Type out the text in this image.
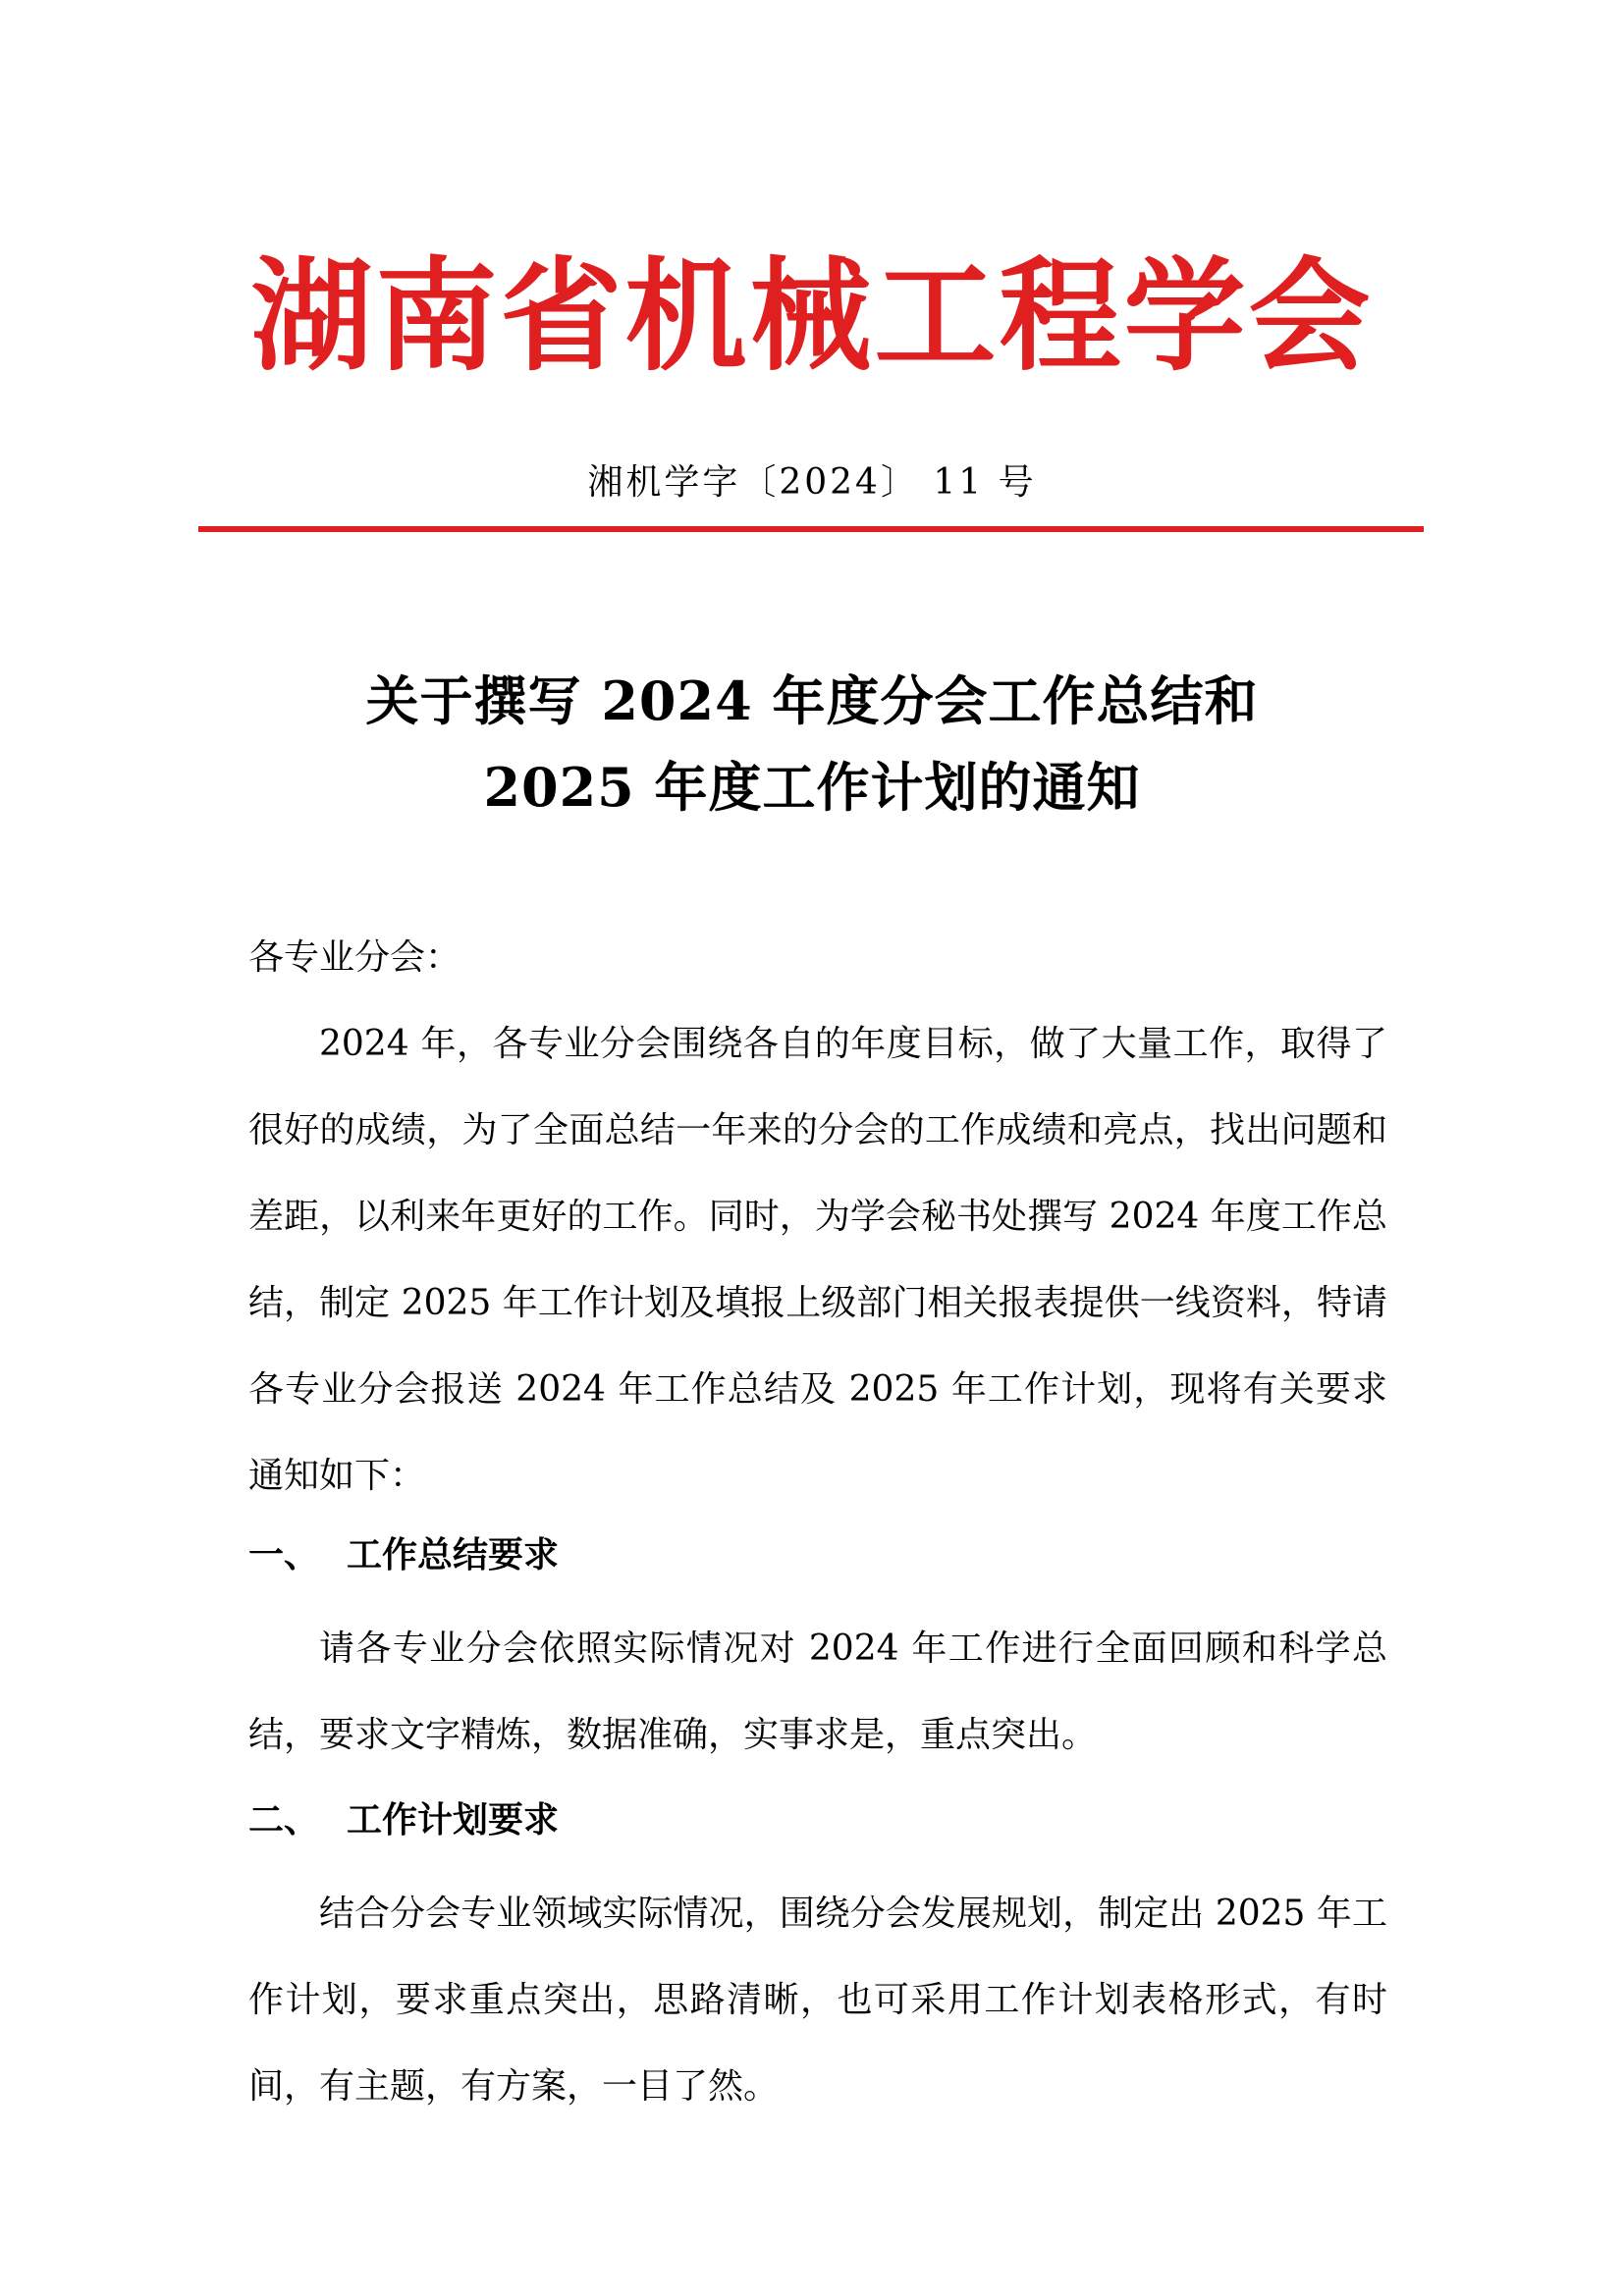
湖南省机械工程学会
湘机学字〔2024〕 11 号
关于撰写 2024 年度分会工作总结和
2025 年度工作计划的通知
各专业分会：
2024 年，各专业分会围绕各自的年度目标，做了大量工作，取得了很好的成绩，为了全面总结一年来的分会的工作成绩和亮点，找出问题和差距，以利来年更好的工作。同时，为学会秘书处撰写 2024 年度工作总结，制定 2025 年工作计划及填报上级部门相关报表提供一线资料，特请各专业分会报送 2024 年工作总结及 2025 年工作计划，现将有关要求通知如下：
一、 工作总结要求
请各专业分会依照实际情况对 2024 年工作进行全面回顾和科学总结，要求文字精炼，数据准确，实事求是，重点突出。
二、 工作计划要求
结合分会专业领域实际情况，围绕分会发展规划，制定出 2025 年工作计划，要求重点突出，思路清晰，也可采用工作计划表格形式，有时间，有主题，有方案，一目了然。
